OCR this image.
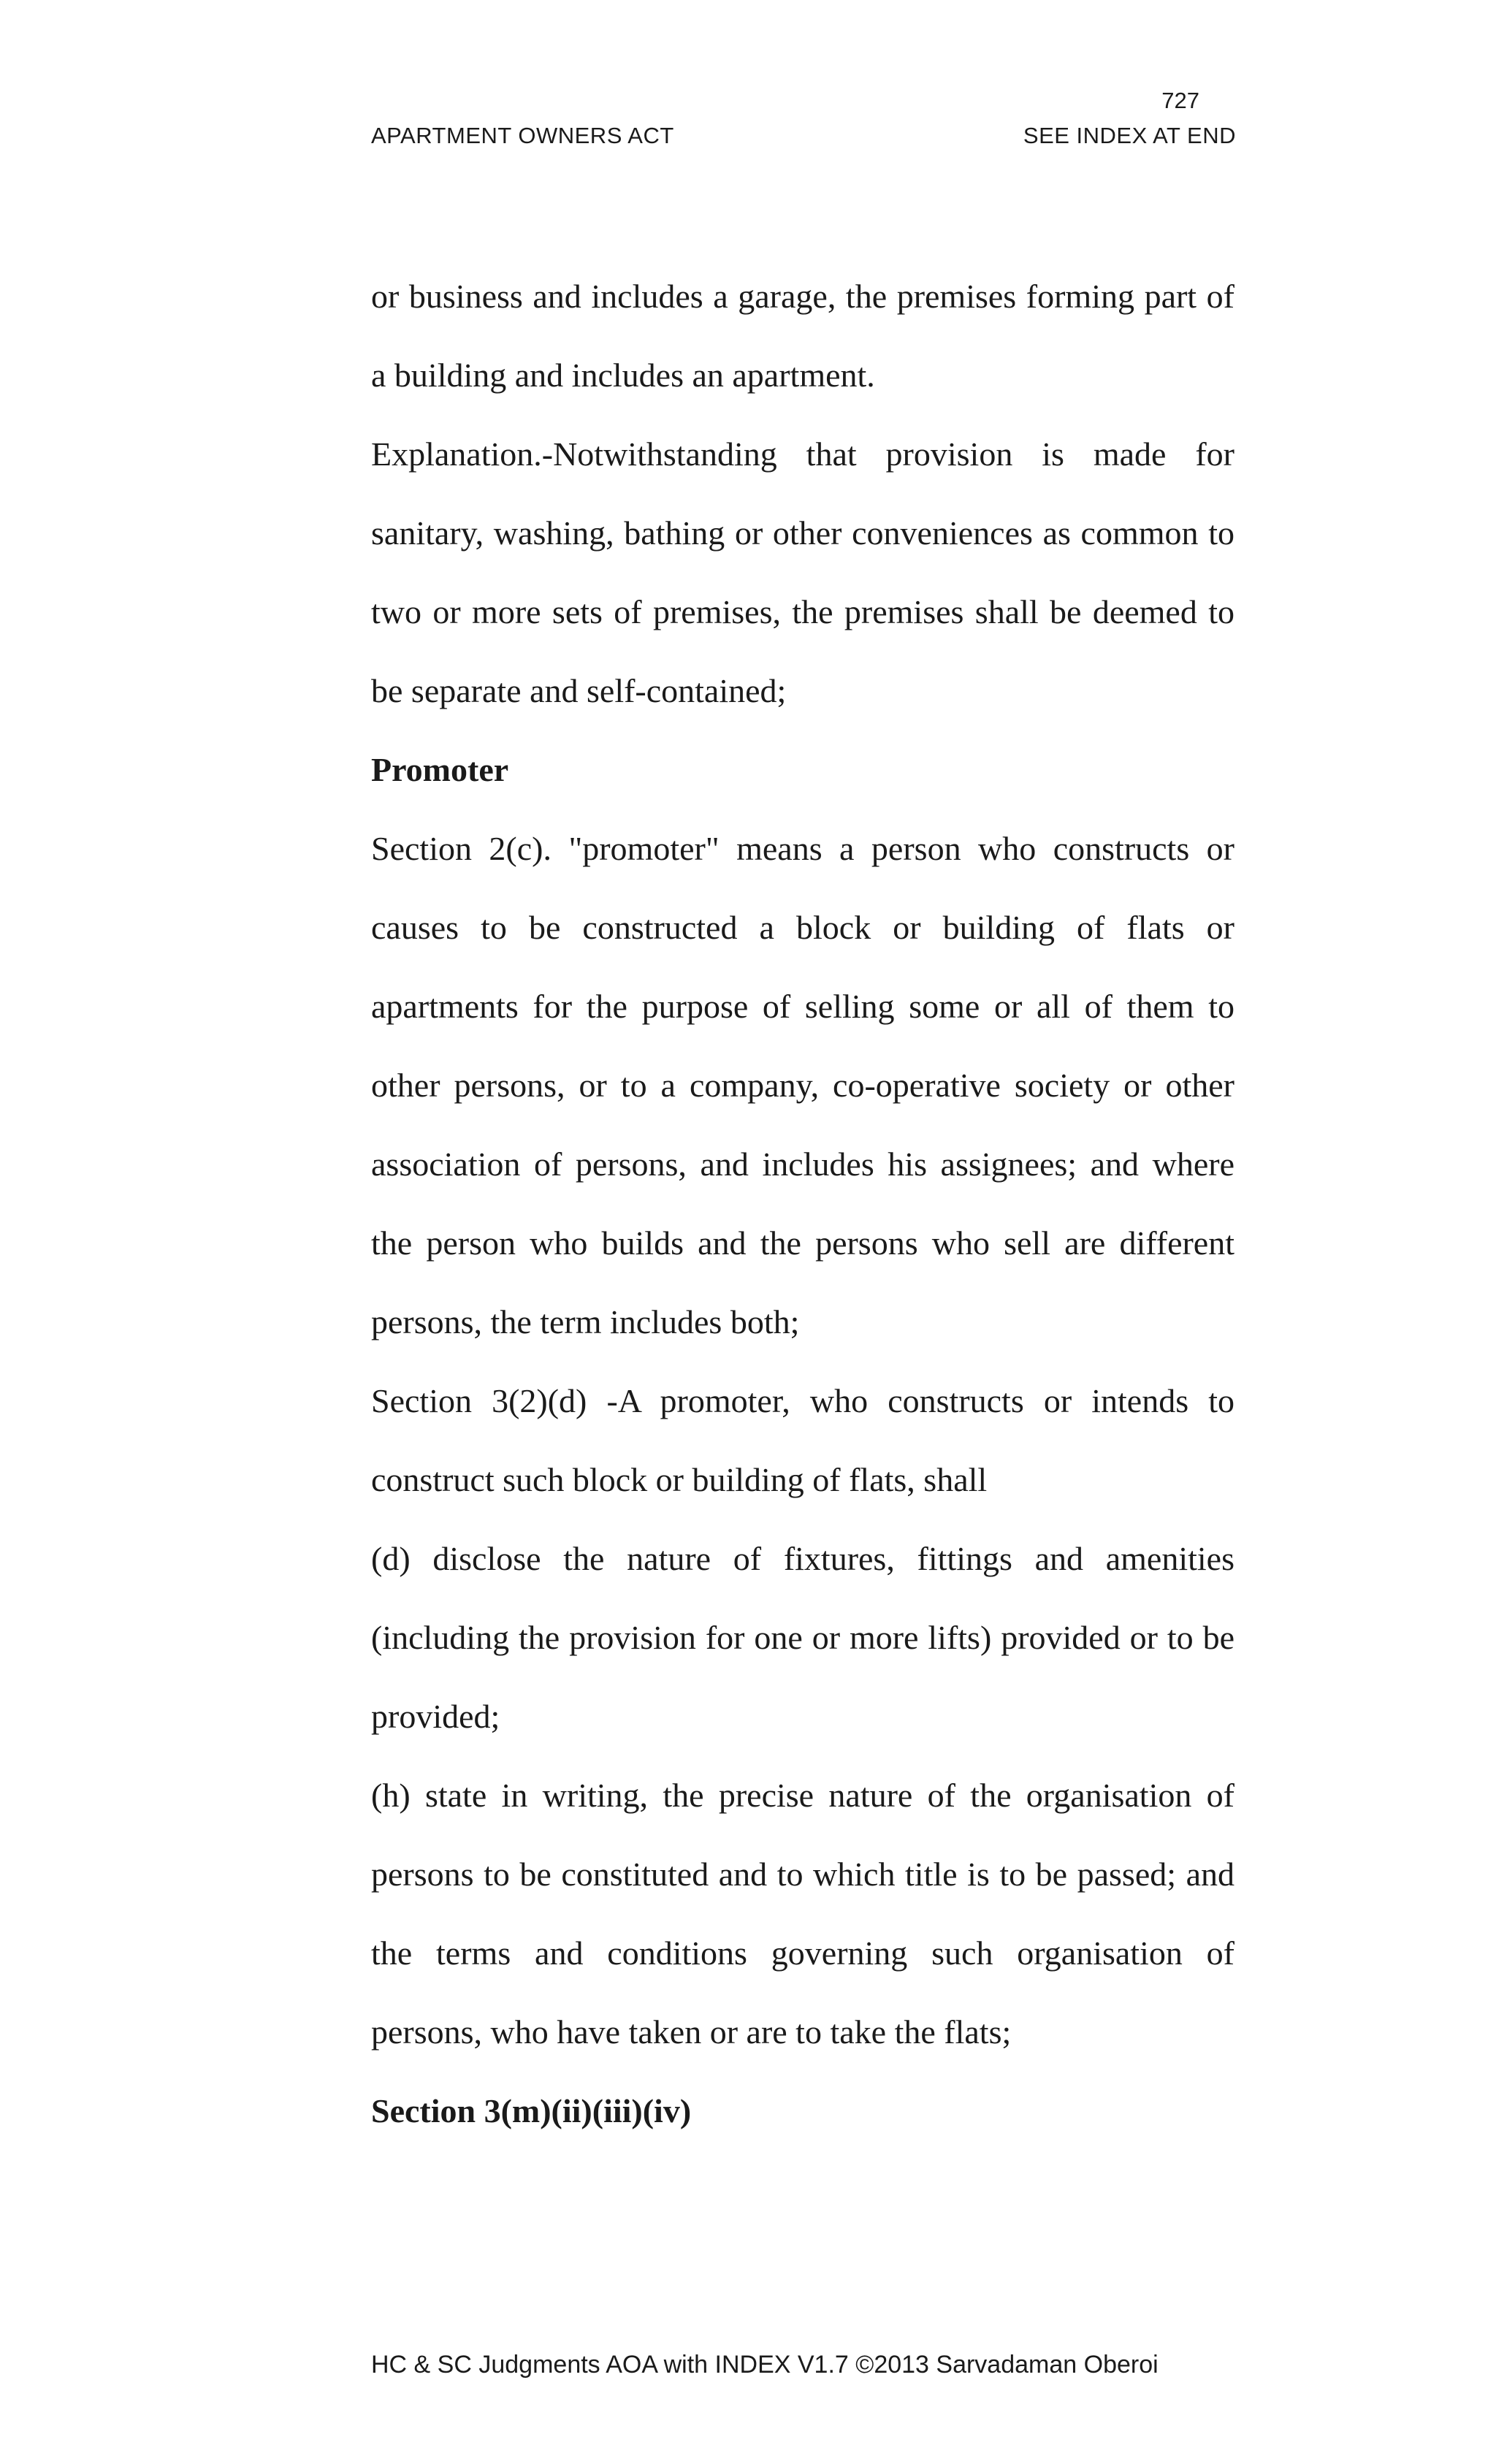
727
APARTMENT OWNERS ACT	SEE INDEX AT END

or business and includes a garage, the premises forming part of a building and includes an apartment.

Explanation.-Notwithstanding that provision is made for sanitary, washing, bathing or other conveniences as common to two or more sets of premises, the premises shall be deemed to be separate and self-contained;

Promoter

Section 2(c). "promoter" means a person who constructs or causes to be constructed a block or building of flats or apartments for the purpose of selling some or all of them to other persons, or to a company, co-operative society or other association of persons, and includes his assignees; and where the person who builds and the persons who sell are different persons, the term includes both;

Section 3(2)(d) -A promoter, who constructs or intends to construct such block or building of flats, shall

(d) disclose the nature of fixtures, fittings and amenities (including the provision for one or more lifts) provided or to be provided;

(h) state in writing, the precise nature of the organisation of persons to be constituted and to which title is to be passed; and the terms and conditions governing such organisation of persons, who have taken or are to take the flats;

Section 3(m)(ii)(iii)(iv)
HC & SC Judgments AOA with INDEX V1.7 ©2013 Sarvadaman Oberoi
